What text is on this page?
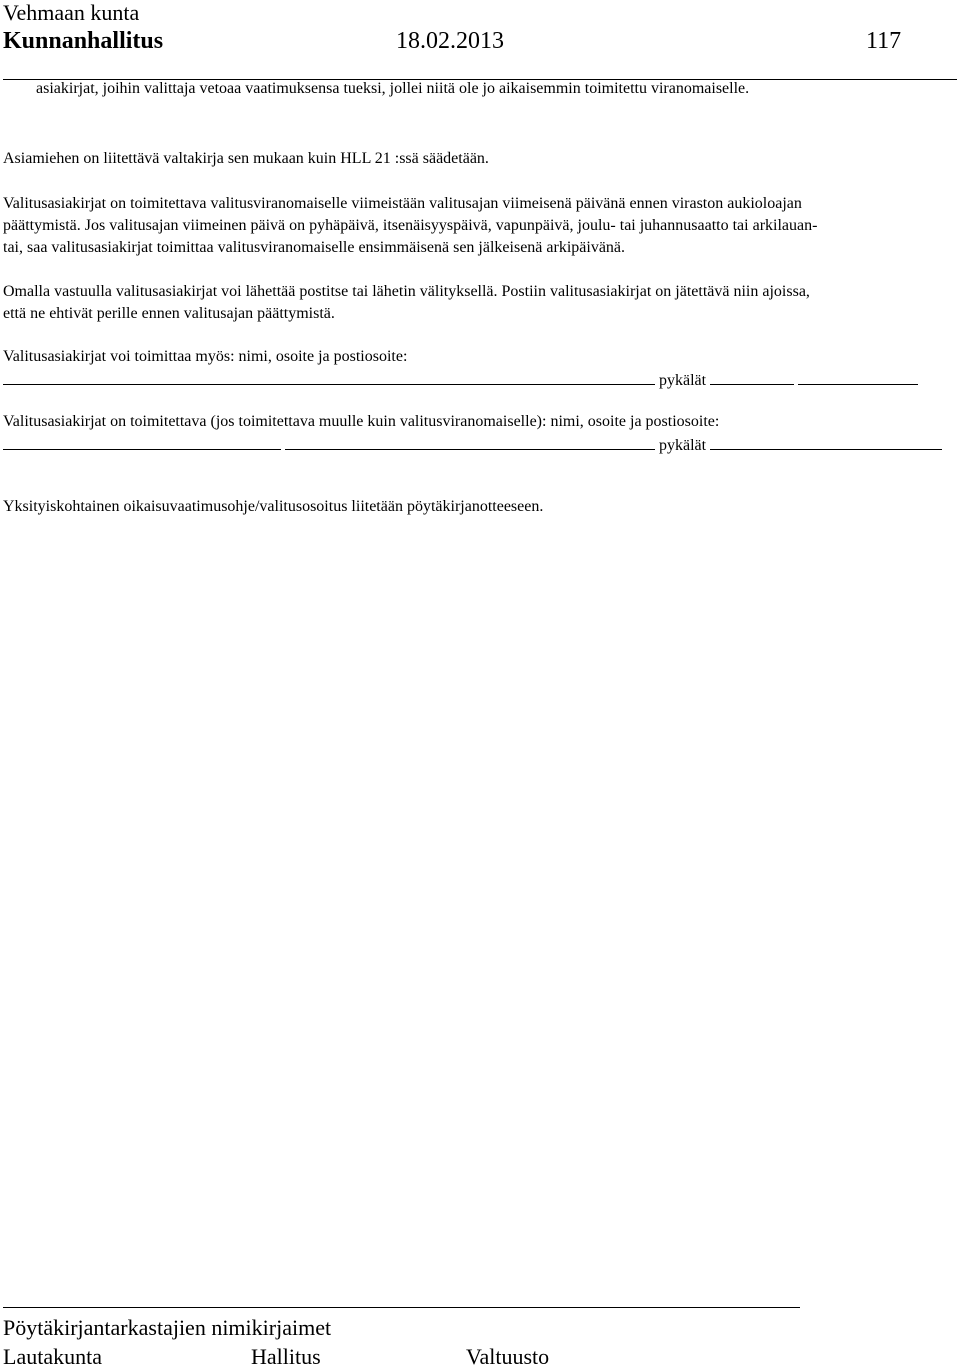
Vehmaan kunta
Kunnanhallitus	18.02.2013	117
asiakirjat, joihin valittaja vetoaa vaatimuksensa tueksi, jollei niitä ole jo aikaisemmin toimitettu viranomaiselle.
Asiamiehen on liitettävä valtakirja sen mukaan kuin HLL 21 :ssä säädetään.
Valitusasiakirjat on toimitettava valitusviranomaiselle viimeistään valitusajan viimeisenä päivänä ennen viraston aukioloajan
päättymistä. Jos valitusajan viimeinen päivä on pyhäpäivä, itsenäisyyspäivä, vapunpäivä, joulu- tai juhannusaatto tai arkilauan-
tai, saa valitusasiakirjat toimittaa valitusviranomaiselle ensimmäisenä sen jälkeisenä arkipäivänä.
Omalla vastuulla valitusasiakirjat voi lähettää postitse tai lähetin välityksellä. Postiin valitusasiakirjat on jätettävä niin ajoissa,
että ne ehtivät perille ennen valitusajan päättymistä.
Valitusasiakirjat voi toimittaa myös: nimi, osoite ja postiosoite:
pykälät
Valitusasiakirjat on toimitettava (jos toimitettava muulle kuin valitusviranomaiselle): nimi, osoite ja postiosoite:
pykälät
Yksityiskohtainen oikaisuvaatimusohje/valitusosoitus liitetään pöytäkirjanotteeseen.
Pöytäkirjantarkastajien nimikirjaimet
Lautakunta	Hallitus	Valtuusto
